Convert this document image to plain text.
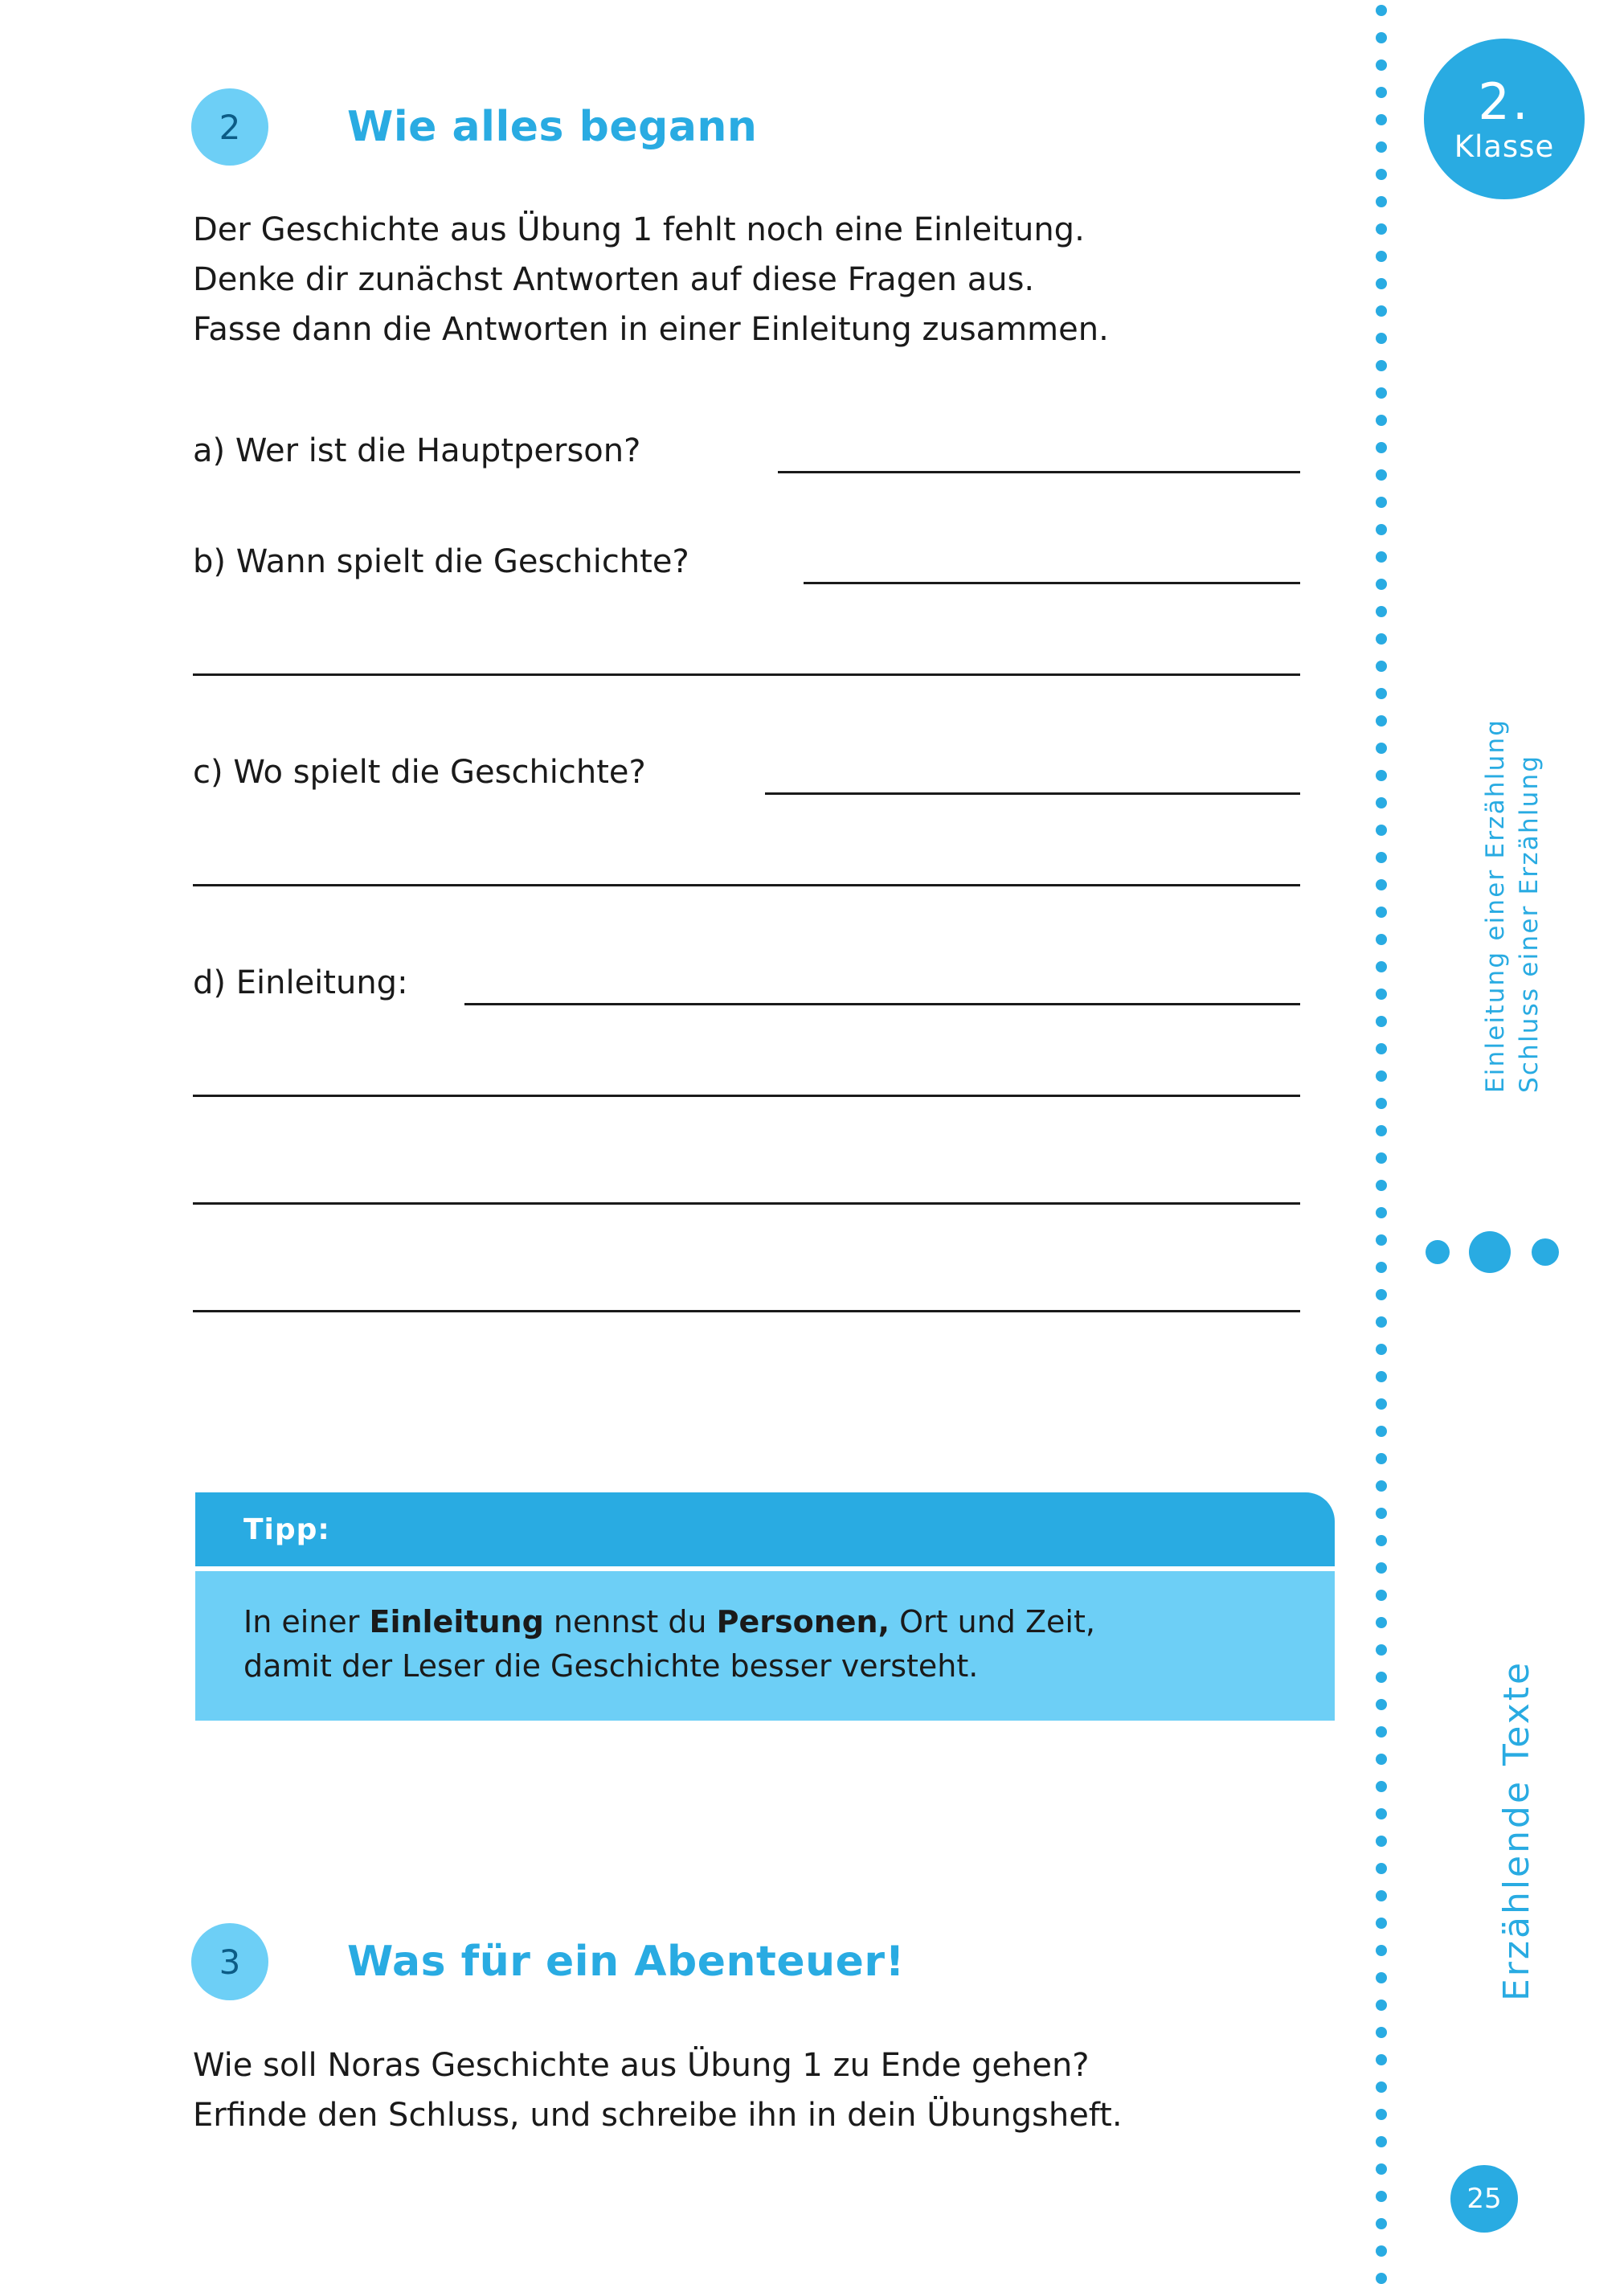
2.
Klasse
Einleitung einer Erzählung Schluss einer Erzählung
Erzählende Texte
25
2	Wie alles begann
Der Geschichte aus Übung 1 fehlt noch eine Einleitung.
Denke dir zunächst Antworten auf diese Fragen aus.
Fasse dann die Antworten in einer Einleitung zusammen.
a) Wer ist die Hauptperson?
b) Wann spielt die Geschichte?
c) Wo spielt die Geschichte?
d) Einleitung:
Tipp:
In einer Einleitung nennst du Personen, Ort und Zeit,
damit der Leser die Geschichte besser versteht.
3	Was für ein Abenteuer!
Wie soll Noras Geschichte aus Übung 1 zu Ende gehen?
Erfinde den Schluss, und schreibe ihn in dein Übungsheft.
